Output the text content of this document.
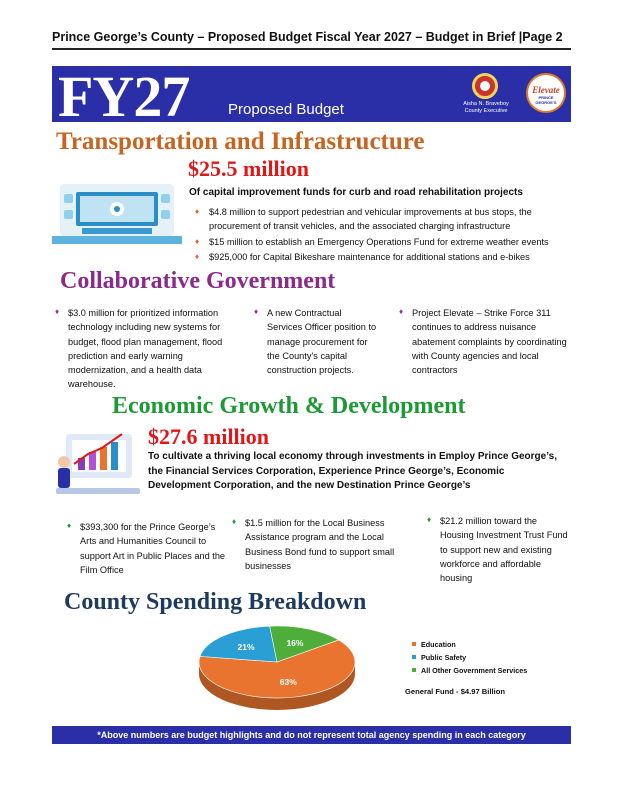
Prince George’s County – Proposed Budget Fiscal Year 2027 – Budget in Brief |Page 2
FY27	Proposed Budget	Aisha N. Braveboy County Executive
Elevate
PRINCE GEORGE'S
Transportation and Infrastructure
$25.5 million
Of capital improvement funds for curb and road rehabilitation projects
♦ $4.8 million to support pedestrian and vehicular improvements at bus stops, the procurement of transit vehicles, and the associated charging infrastructure
♦ $15 million to establish an Emergency Operations Fund for extreme weather events
♦ $925,000 for Capital Bikeshare maintenance for additional stations and e-bikes
Collaborative Government
♦ $3.0 million for prioritized information technology including new systems for budget, flood plan management, flood prediction and early warning modernization, and a health data warehouse.
♦ A new Contractual Services Officer position to manage procurement for the County’s capital construction projects.
♦ Project Elevate – Strike Force 311 continues to address nuisance abatement complaints by coordinating with County agencies and local contractors
Economic Growth & Development
$27.6 million
To cultivate a thriving local economy through investments in Employ Prince George’s, the Financial Services Corporation, Experience Prince George’s, Economic Development Corporation, and the new Destination Prince George’s
♦ $393,300 for the Prince George’s Arts and Humanities Council to support Art in Public Places and the Film Office
♦ $1.5 million for the Local Business Assistance program and the Local Business Bond fund to support small businesses
♦ $21.2 million toward the Housing Investment Trust Fund to support new and existing workforce and affordable housing
County Spending Breakdown
63%
21%	16%	Education
Public Safety
All Other Government Services
General Fund - $4.97 Billion
*Above numbers are budget highlights and do not represent total agency spending in each category
